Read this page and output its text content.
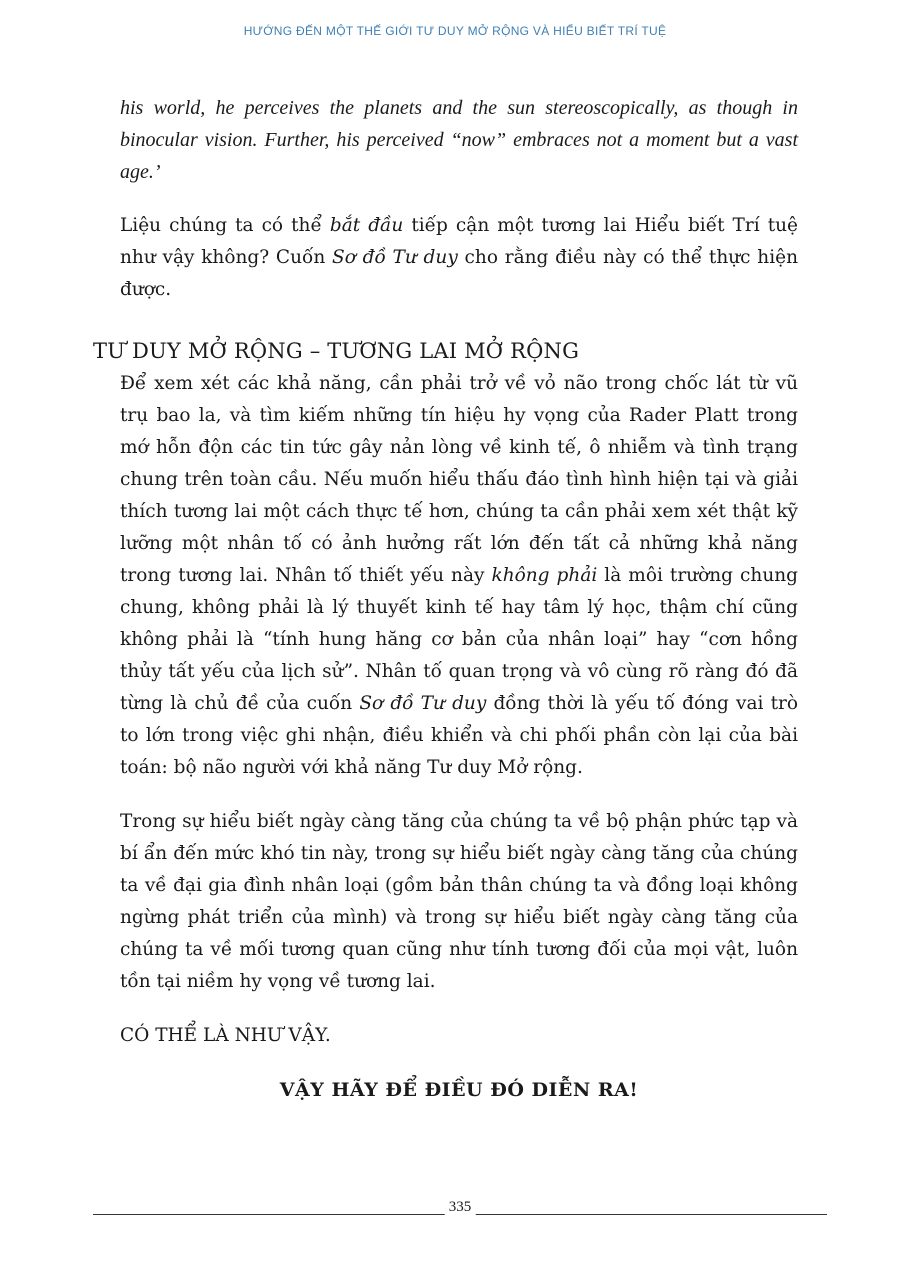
HƯỚNG ĐẾN MỘT THẾ GIỚI TƯ DUY MỞ RỘNG VÀ HIỂU BIẾT TRÍ TUỆ

his world, he perceives the planets and the sun stereoscopically, as though in binocular vision. Further, his perceived “now” embraces not a moment but a vast age.’

Liệu chúng ta có thể bắt đầu tiếp cận một tương lai Hiểu biết Trí tuệ như vậy không? Cuốn Sơ đồ Tư duy cho rằng điều này có thể thực hiện được.

TƯ DUY MỞ RỘNG – TƯƠNG LAI MỞ RỘNG

Để xem xét các khả năng, cần phải trở về vỏ não trong chốc lát từ vũ trụ bao la, và tìm kiếm những tín hiệu hy vọng của Rader Platt trong mớ hỗn độn các tin tức gây nản lòng về kinh tế, ô nhiễm và tình trạng chung trên toàn cầu. Nếu muốn hiểu thấu đáo tình hình hiện tại và giải thích tương lai một cách thực tế hơn, chúng ta cần phải xem xét thật kỹ lưỡng một nhân tố có ảnh hưởng rất lớn đến tất cả những khả năng trong tương lai. Nhân tố thiết yếu này không phải là môi trường chung chung, không phải là lý thuyết kinh tế hay tâm lý học, thậm chí cũng không phải là “tính hung hăng cơ bản của nhân loại” hay “cơn hồng thủy tất yếu của lịch sử”. Nhân tố quan trọng và vô cùng rõ ràng đó đã từng là chủ đề của cuốn Sơ đồ Tư duy đồng thời là yếu tố đóng vai trò to lớn trong việc ghi nhận, điều khiển và chi phối phần còn lại của bài toán: bộ não người với khả năng Tư duy Mở rộng.

Trong sự hiểu biết ngày càng tăng của chúng ta về bộ phận phức tạp và bí ẩn đến mức khó tin này, trong sự hiểu biết ngày càng tăng của chúng ta về đại gia đình nhân loại (gồm bản thân chúng ta và đồng loại không ngừng phát triển của mình) và trong sự hiểu biết ngày càng tăng của chúng ta về mối tương quan cũng như tính tương đối của mọi vật, luôn tồn tại niềm hy vọng về tương lai.

CÓ THỂ LÀ NHƯ VẬY.

VẬY HÃY ĐỂ ĐIỀU ĐÓ DIỄN RA!

335
